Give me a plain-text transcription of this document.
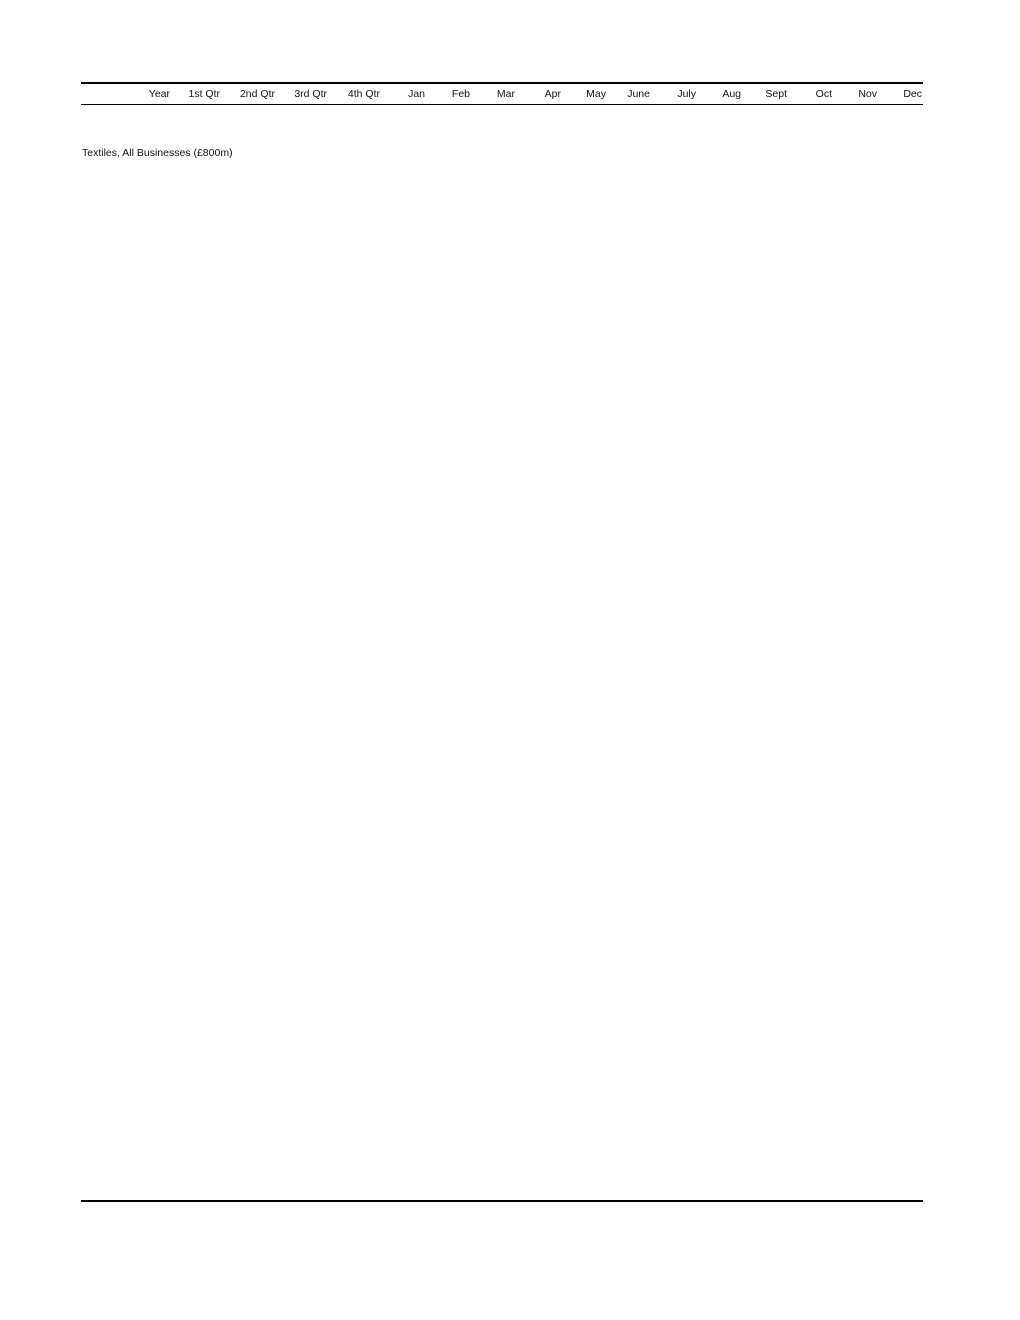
Year 1st Qtr 2nd Qtr 3rd Qtr 4th Qtr	Jan	Feb	Mar	Apr May June	July	Aug Sept	Oct	Nov	Dec
Textiles, All Businesses (£800m)
